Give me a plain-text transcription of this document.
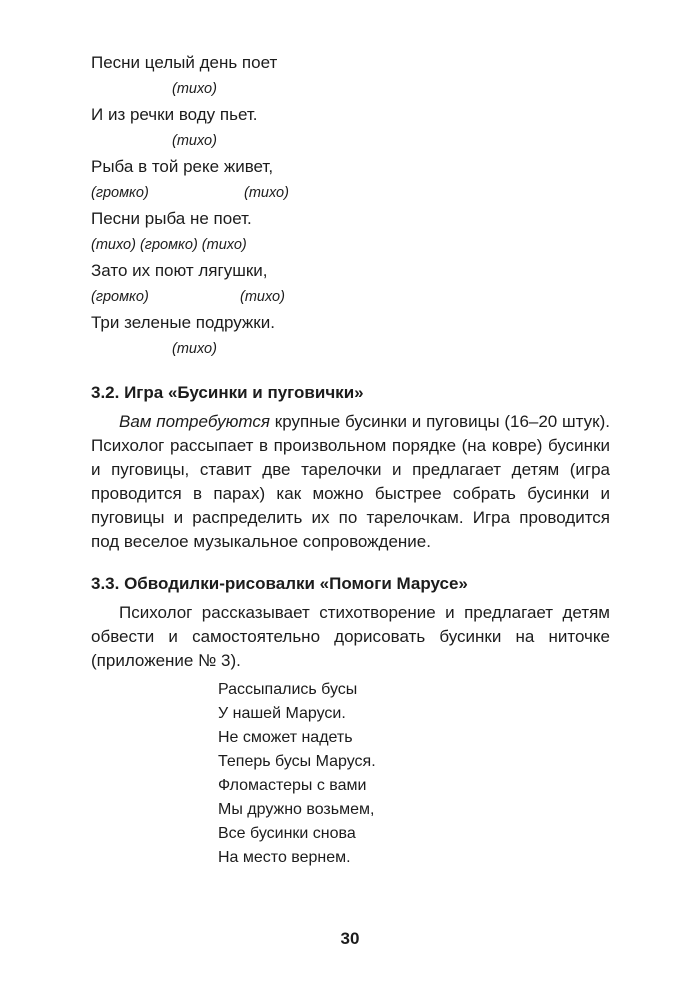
Песни целый день поет
(тихо)
И из речки воду пьет.
(тихо)
Рыба в той реке живет,
(громко)	(тихо)
Песни рыба не поет.
(тихо) (громко) (тихо)
Зато их поют лягушки,
(громко)	(тихо)
Три зеленые подружки.
(тихо)
3.2. Игра «Бусинки и пуговички»
Вам потребуются крупные бусинки и пуговицы (16–20 штук). Психолог рассыпает в произвольном порядке (на ковре) бусинки и пуговицы, ставит две тарелочки и предлагает детям (игра проводится в парах) как можно быстрее собрать бусинки и пуговицы и распределить их по тарелочкам. Игра проводится под веселое музыкальное сопровождение.
3.3. Обводилки-рисовалки «Помоги Марусе»
Психолог рассказывает стихотворение и предлагает детям обвести и самостоятельно дорисовать бусинки на ниточке (приложение № 3).
Рассыпались бусы
У нашей Маруси.
Не сможет надеть
Теперь бусы Маруся.
Фломастеры с вами
Мы дружно возьмем,
Все бусинки снова
На место вернем.
30
